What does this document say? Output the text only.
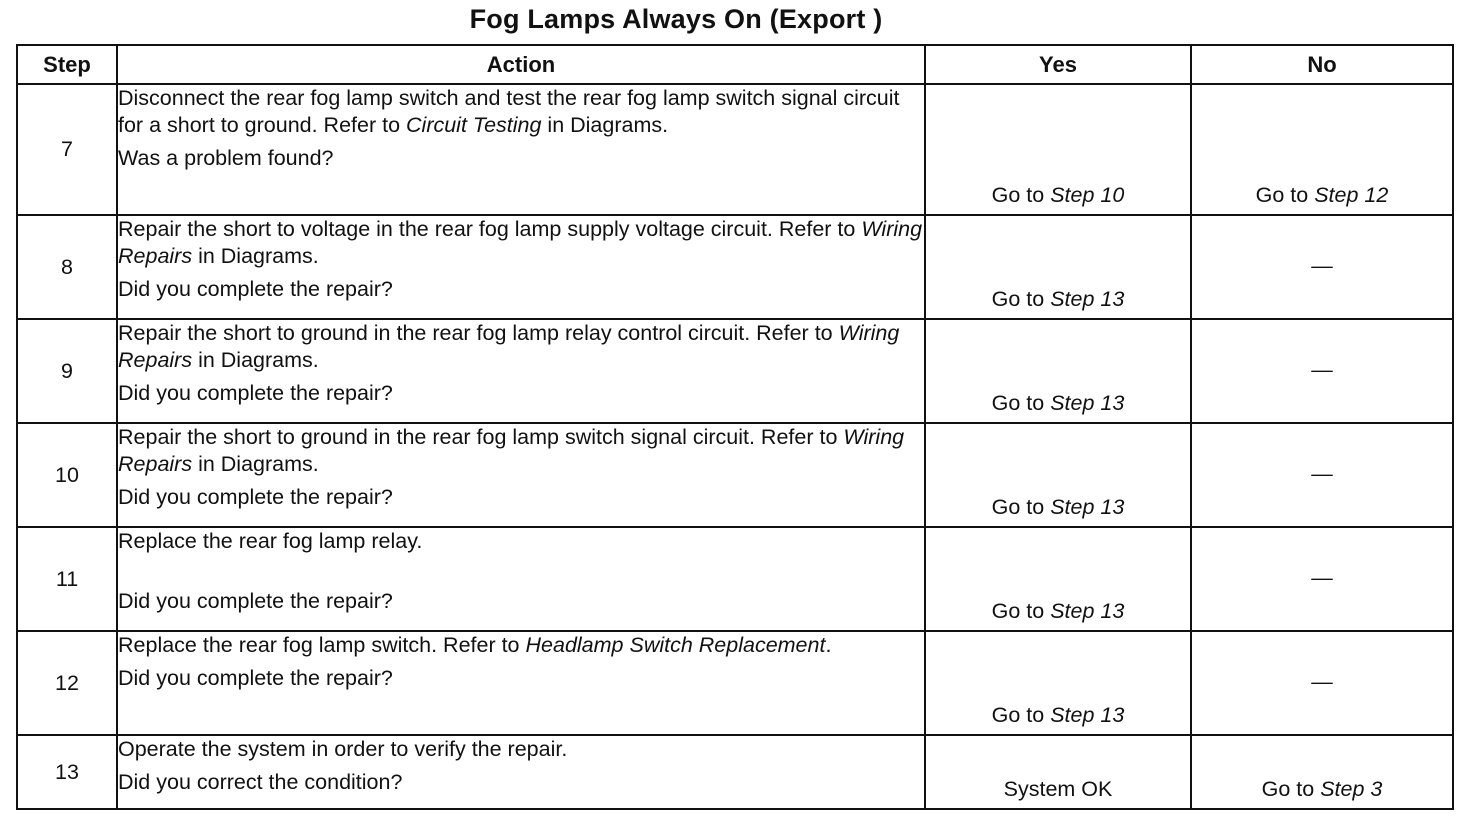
Fog Lamps Always On (Export )
Step	Action	Yes	No
7	Disconnect the rear fog lamp switch and test the rear fog lamp switch signal circuit for a short to ground. Refer to Circuit Testing in Diagrams.
Was a problem found?	Go to Step 10	Go to Step 12

8	Repair the short to voltage in the rear fog lamp supply voltage circuit. Refer to Wiring Repairs in Diagrams.
Did you complete the repair?	Go to Step 13	—

9	Repair the short to ground in the rear fog lamp relay control circuit. Refer to Wiring Repairs in Diagrams.
Did you complete the repair?	Go to Step 13	—

10	Repair the short to ground in the rear fog lamp switch signal circuit. Refer to Wiring Repairs in Diagrams.
Did you complete the repair?	Go to Step 13	—

11	Replace the rear fog lamp relay.
Did you complete the repair?	Go to Step 13	—

12	Replace the rear fog lamp switch. Refer to Headlamp Switch Replacement.
Did you complete the repair?	Go to Step 13	—

13	Operate the system in order to verify the repair.
Did you correct the condition?	System OK	Go to Step 3
